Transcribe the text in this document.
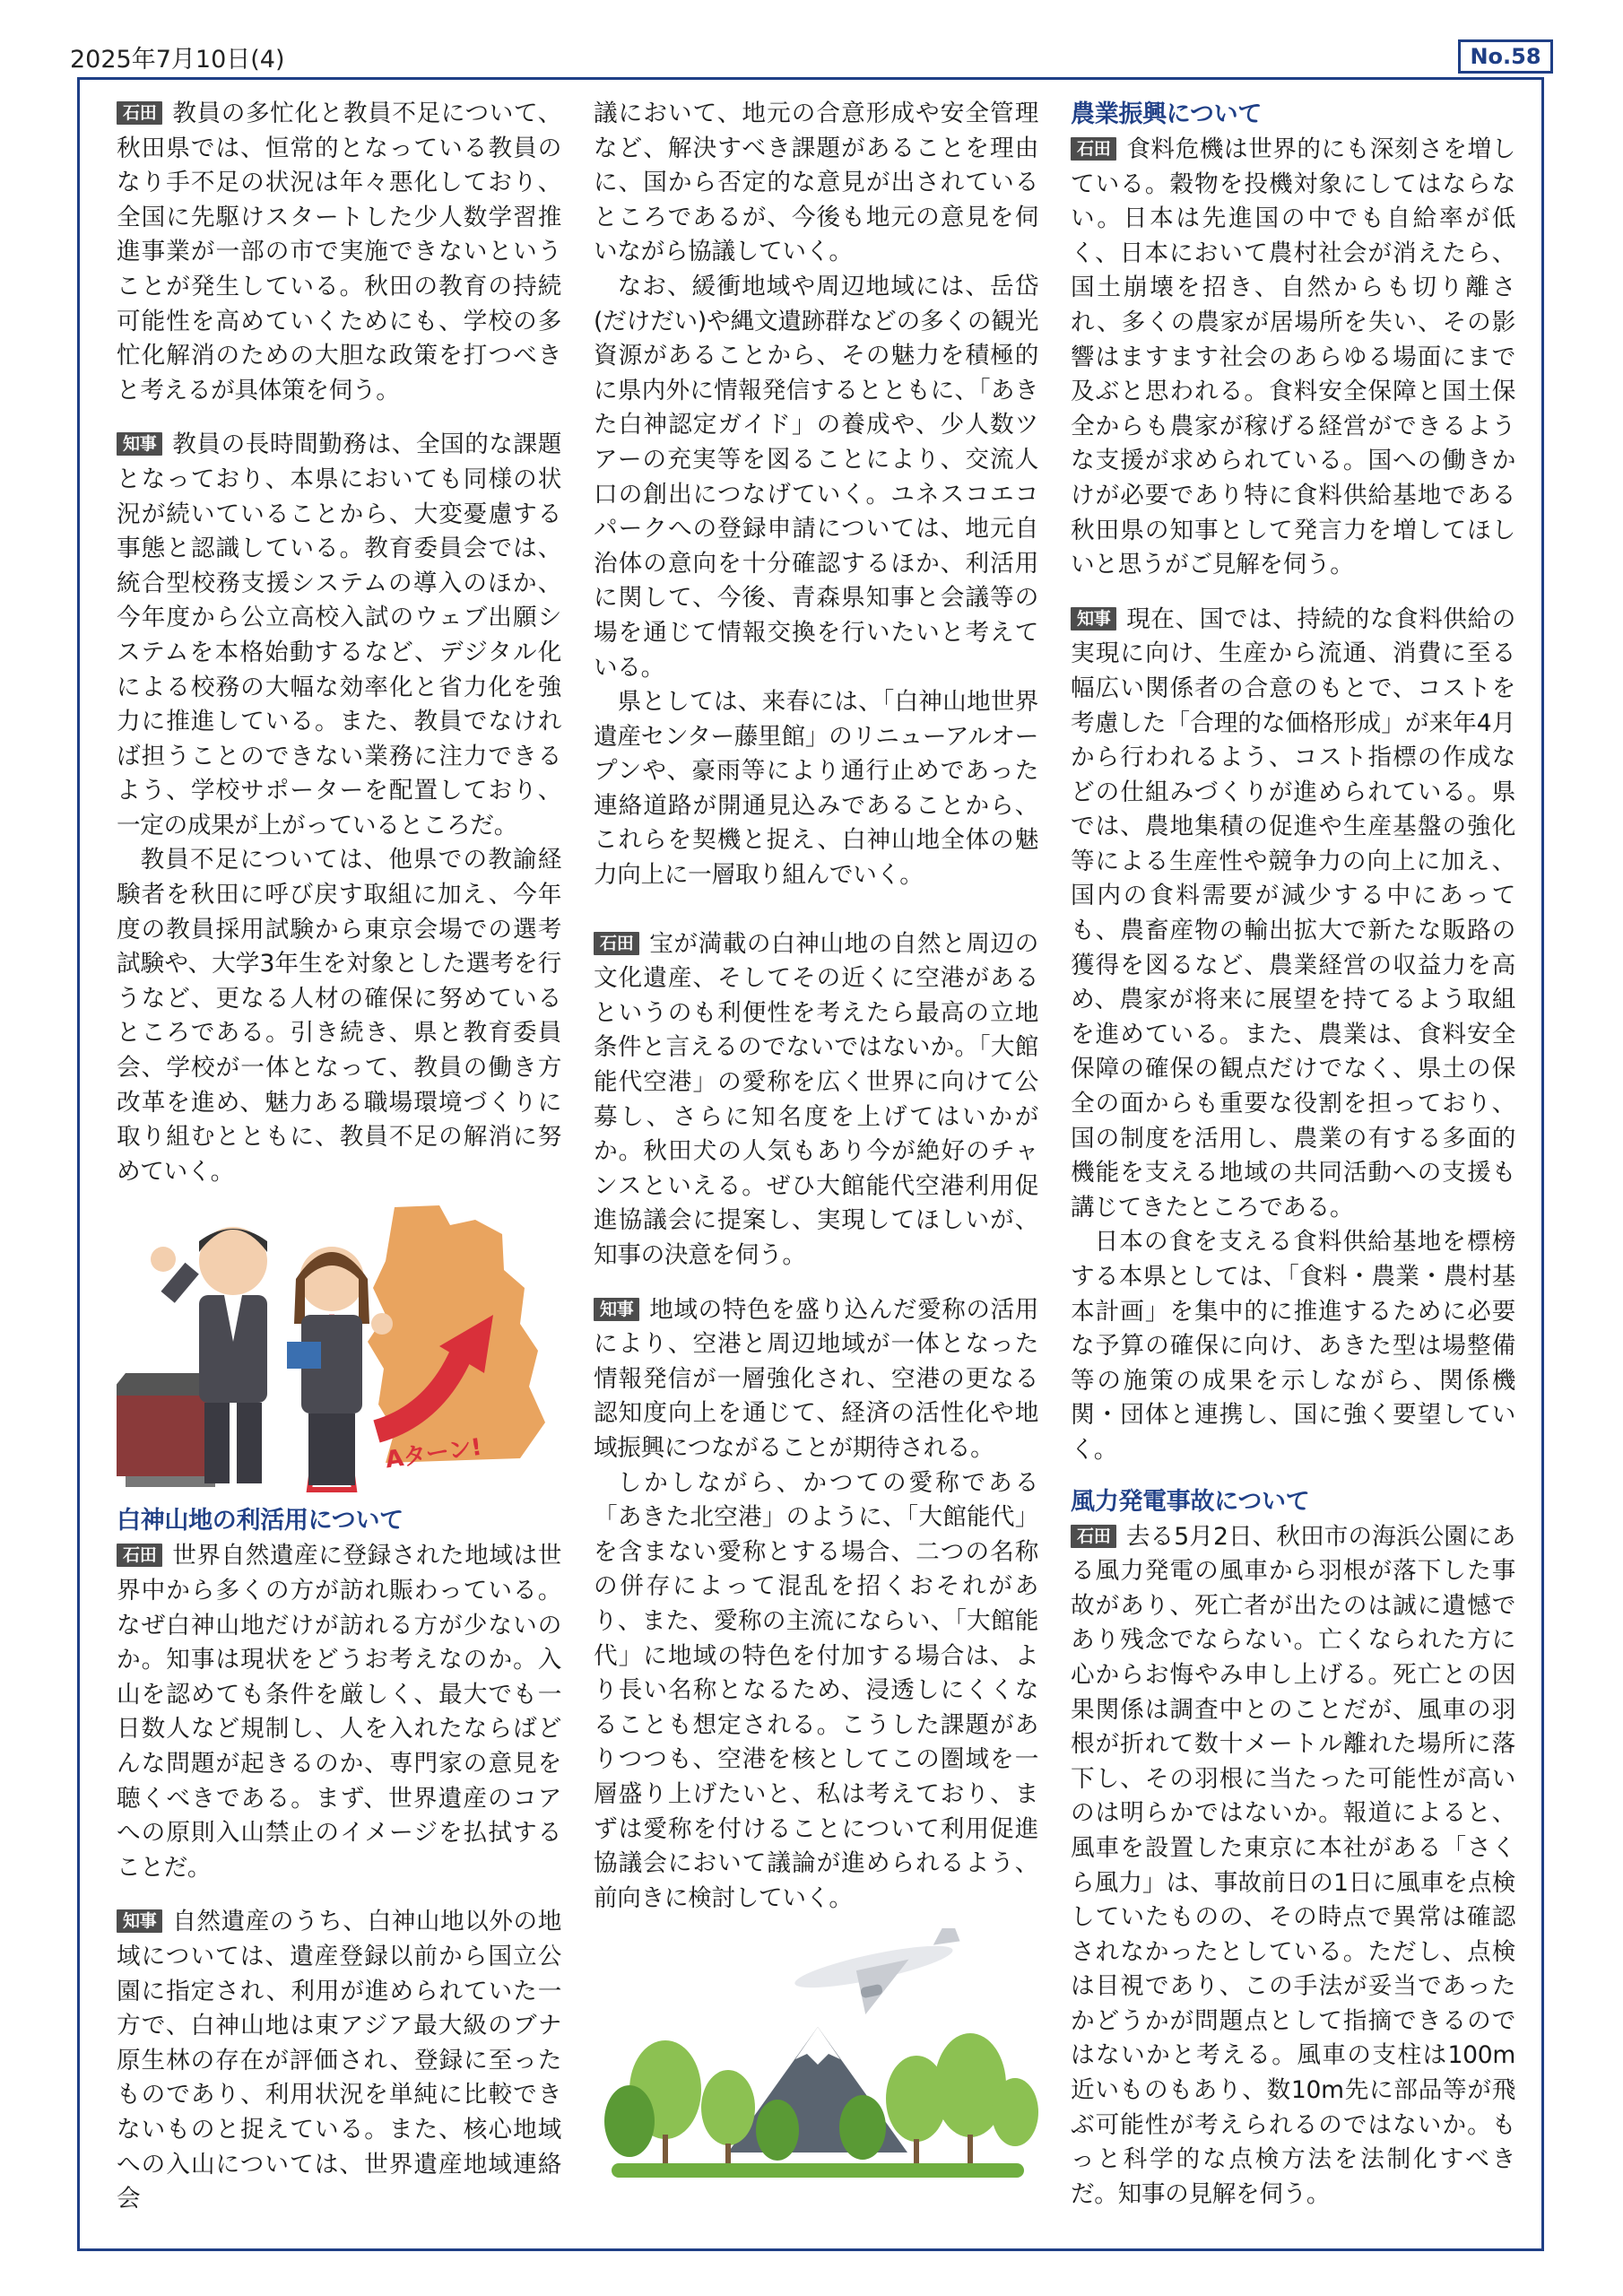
2025年7月10日(4)	No.58

石田 教員の多忙化と教員不足について、秋田県では、恒常的となっている教員のなり手不足の状況は年々悪化しており、全国に先駆けスタートした少人数学習推進事業が一部の市で実施できないということが発生している。秋田の教育の持続可能性を高めていくためにも、学校の多忙化解消のための大胆な政策を打つべきと考えるが具体策を伺う。

知事 教員の長時間勤務は、全国的な課題となっており、本県においても同様の状況が続いていることから、大変憂慮する事態と認識している。教育委員会では、統合型校務支援システムの導入のほか、今年度から公立高校入試のウェブ出願システムを本格始動するなど、デジタル化による校務の大幅な効率化と省力化を強力に推進している。また、教員でなければ担うことのできない業務に注力できるよう、学校サポーターを配置しており、一定の成果が上がっているところだ。

教員不足については、他県での教諭経験者を秋田に呼び戻す取組に加え、今年度の教員採用試験から東京会場での選考試験や、大学3年生を対象とした選考を行うなど、更なる人材の確保に努めているところである。引き続き、県と教育委員会、学校が一体となって、教員の働き方改革を進め、魅力ある職場環境づくりに取り組むとともに、教員不足の解消に努めていく。

Aターン!

白神山地の利活用について

石田 世界自然遺産に登録された地域は世界中から多くの方が訪れ賑わっている。なぜ白神山地だけが訪れる方が少ないのか。知事は現状をどうお考えなのか。入山を認めても条件を厳しく、最大でも一日数人など規制し、人を入れたならばどんな問題が起きるのか、専門家の意見を聴くべきである。まず、世界遺産のコアへの原則入山禁止のイメージを払拭することだ。

知事 自然遺産のうち、白神山地以外の地域については、遺産登録以前から国立公園に指定され、利用が進められていた一方で、白神山地は東アジア最大級のブナ原生林の存在が評価され、登録に至ったものであり、利用状況を単純に比較できないものと捉えている。また、核心地域への入山については、世界遺産地域連絡会

議において、地元の合意形成や安全管理など、解決すべき課題があることを理由に、国から否定的な意見が出されているところであるが、今後も地元の意見を伺いながら協議していく。

なお、緩衝地域や周辺地域には、岳岱(だけだい)や縄文遺跡群などの多くの観光資源があることから、その魅力を積極的に県内外に情報発信するとともに、「あきた白神認定ガイド」の養成や、少人数ツアーの充実等を図ることにより、交流人口の創出につなげていく。ユネスコエコパークへの登録申請については、地元自治体の意向を十分確認するほか、利活用に関して、今後、青森県知事と会議等の場を通じて情報交換を行いたいと考えている。

県としては、来春には、「白神山地世界遺産センター藤里館」のリニューアルオープンや、豪雨等により通行止めであった連絡道路が開通見込みであることから、これらを契機と捉え、白神山地全体の魅力向上に一層取り組んでいく。

石田 宝が満載の白神山地の自然と周辺の文化遺産、そしてその近くに空港があるというのも利便性を考えたら最高の立地条件と言えるのでないではないか。「大館能代空港」の愛称を広く世界に向けて公募し、さらに知名度を上げてはいかがか。秋田犬の人気もあり今が絶好のチャンスといえる。ぜひ大館能代空港利用促進協議会に提案し、実現してほしいが、知事の決意を伺う。

知事 地域の特色を盛り込んだ愛称の活用により、空港と周辺地域が一体となった情報発信が一層強化され、空港の更なる認知度向上を通じて、経済の活性化や地域振興につながることが期待される。

しかしながら、かつての愛称である「あきた北空港」のように、「大館能代」を含まない愛称とする場合、二つの名称の併存によって混乱を招くおそれがあり、また、愛称の主流にならい、「大館能代」に地域の特色を付加する場合は、より長い名称となるため、浸透しにくくなることも想定される。こうした課題がありつつも、空港を核としてこの圏域を一層盛り上げたいと、私は考えており、まずは愛称を付けることについて利用促進協議会において議論が進められるよう、前向きに検討していく。

農業振興について

石田 食料危機は世界的にも深刻さを増している。穀物を投機対象にしてはならない。日本は先進国の中でも自給率が低く、日本において農村社会が消えたら、国土崩壊を招き、自然からも切り離され、多くの農家が居場所を失い、その影響はますます社会のあらゆる場面にまで及ぶと思われる。食料安全保障と国土保全からも農家が稼げる経営ができるような支援が求められている。国への働きかけが必要であり特に食料供給基地である秋田県の知事として発言力を増してほしいと思うがご見解を伺う。

知事 現在、国では、持続的な食料供給の実現に向け、生産から流通、消費に至る幅広い関係者の合意のもとで、コストを考慮した「合理的な価格形成」が来年4月から行われるよう、コスト指標の作成などの仕組みづくりが進められている。県では、農地集積の促進や生産基盤の強化等による生産性や競争力の向上に加え、国内の食料需要が減少する中にあっても、農畜産物の輸出拡大で新たな販路の獲得を図るなど、農業経営の収益力を高め、農家が将来に展望を持てるよう取組を進めている。また、農業は、食料安全保障の確保の観点だけでなく、県土の保全の面からも重要な役割を担っており、国の制度を活用し、農業の有する多面的機能を支える地域の共同活動への支援も講じてきたところである。

日本の食を支える食料供給基地を標榜する本県としては、「食料・農業・農村基本計画」を集中的に推進するために必要な予算の確保に向け、あきた型は場整備等の施策の成果を示しながら、関係機関・団体と連携し、国に強く要望していく。

風力発電事故について

石田 去る5月2日、秋田市の海浜公園にある風力発電の風車から羽根が落下した事故があり、死亡者が出たのは誠に遺憾であり残念でならない。亡くなられた方に心からお悔やみ申し上げる。死亡との因果関係は調査中とのことだが、風車の羽根が折れて数十メートル離れた場所に落下し、その羽根に当たった可能性が高いのは明らかではないか。報道によると、風車を設置した東京に本社がある「さくら風力」は、事故前日の1日に風車を点検していたものの、その時点で異常は確認されなかったとしている。ただし、点検は目視であり、この手法が妥当であったかどうかが問題点として指摘できるのではないかと考える。風車の支柱は100m近いものもあり、数10m先に部品等が飛ぶ可能性が考えられるのではないか。もっと科学的な点検方法を法制化すべきだ。知事の見解を伺う。
